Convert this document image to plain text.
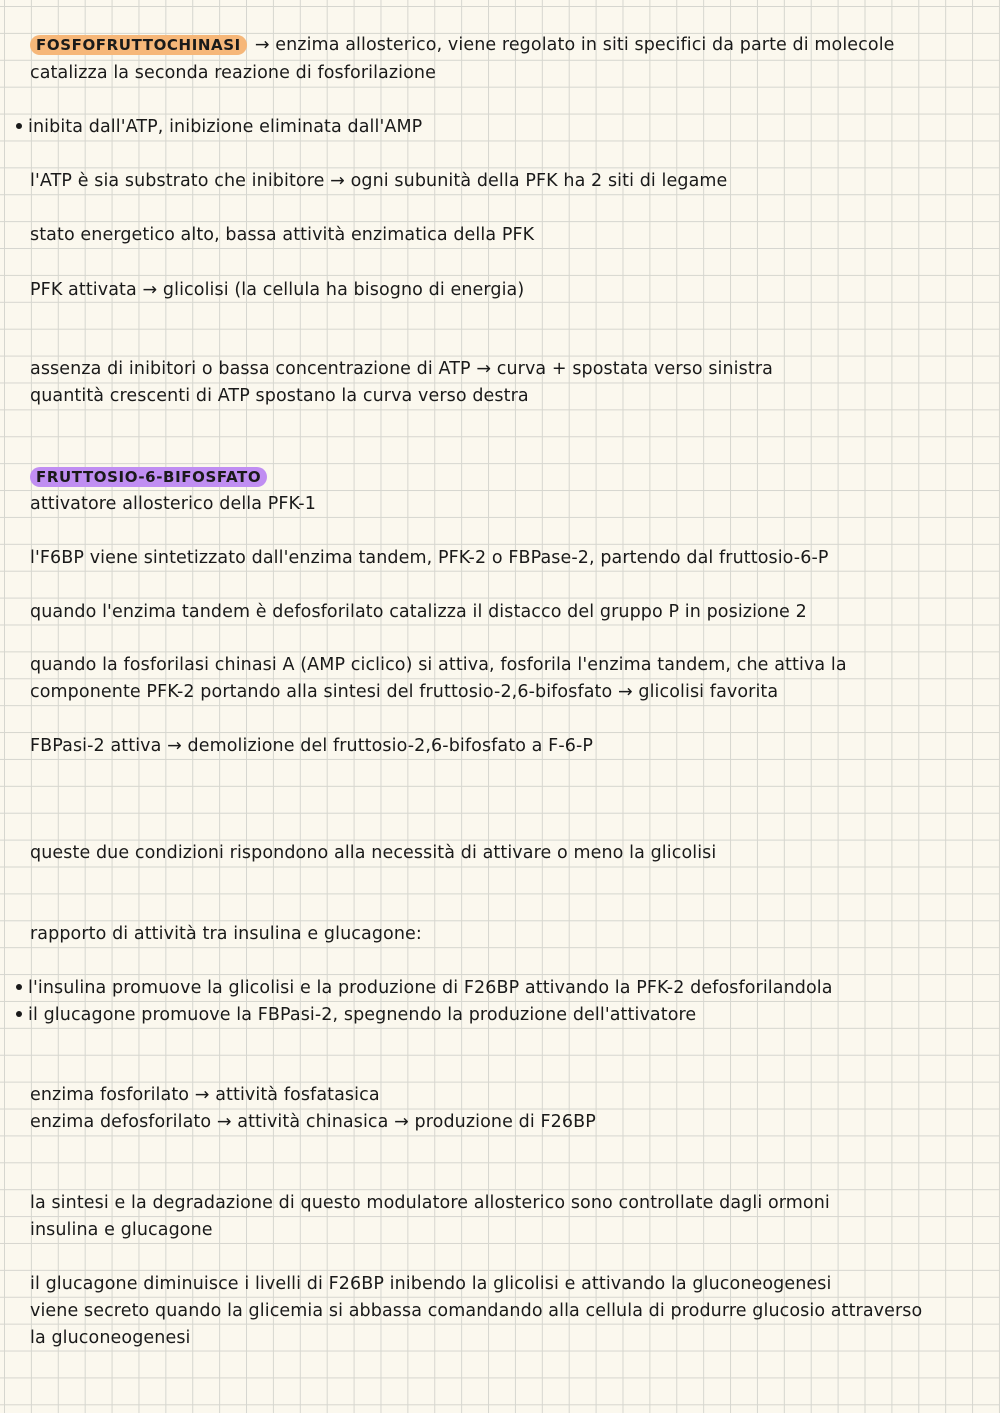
FOSFOFRUTTOCHINASI → enzima allosterico, viene regolato in siti specifici da parte di molecole
catalizza la seconda reazione di fosforilazione
inibita dall'ATP, inibizione eliminata dall'AMP
l'ATP è sia substrato che inibitore → ogni subunità della PFK ha 2 siti di legame
stato energetico alto, bassa attività enzimatica della PFK
PFK attivata → glicolisi (la cellula ha bisogno di energia)
assenza di inibitori o bassa concentrazione di ATP → curva + spostata verso sinistra
quantità crescenti di ATP spostano la curva verso destra
FRUTTOSIO-6-BIFOSFATO
attivatore allosterico della PFK-1
l'F6BP viene sintetizzato dall'enzima tandem, PFK-2 o FBPase-2, partendo dal fruttosio-6-P
quando l'enzima tandem è defosforilato catalizza il distacco del gruppo P in posizione 2
quando la fosforilasi chinasi A (AMP ciclico) si attiva, fosforila l'enzima tandem, che attiva la
componente PFK-2 portando alla sintesi del fruttosio-2,6-bifosfato → glicolisi favorita
FBPasi-2 attiva → demolizione del fruttosio-2,6-bifosfato a F-6-P
queste due condizioni rispondono alla necessità di attivare o meno la glicolisi
rapporto di attività tra insulina e glucagone:
l'insulina promuove la glicolisi e la produzione di F26BP attivando la PFK-2 defosforilandola
il glucagone promuove la FBPasi-2, spegnendo la produzione dell'attivatore
enzima fosforilato → attività fosfatasica
enzima defosforilato → attività chinasica → produzione di F26BP
la sintesi e la degradazione di questo modulatore allosterico sono controllate dagli ormoni
insulina e glucagone
il glucagone diminuisce i livelli di F26BP inibendo la glicolisi e attivando la gluconeogenesi
viene secreto quando la glicemia si abbassa comandando alla cellula di produrre glucosio attraverso
la gluconeogenesi
